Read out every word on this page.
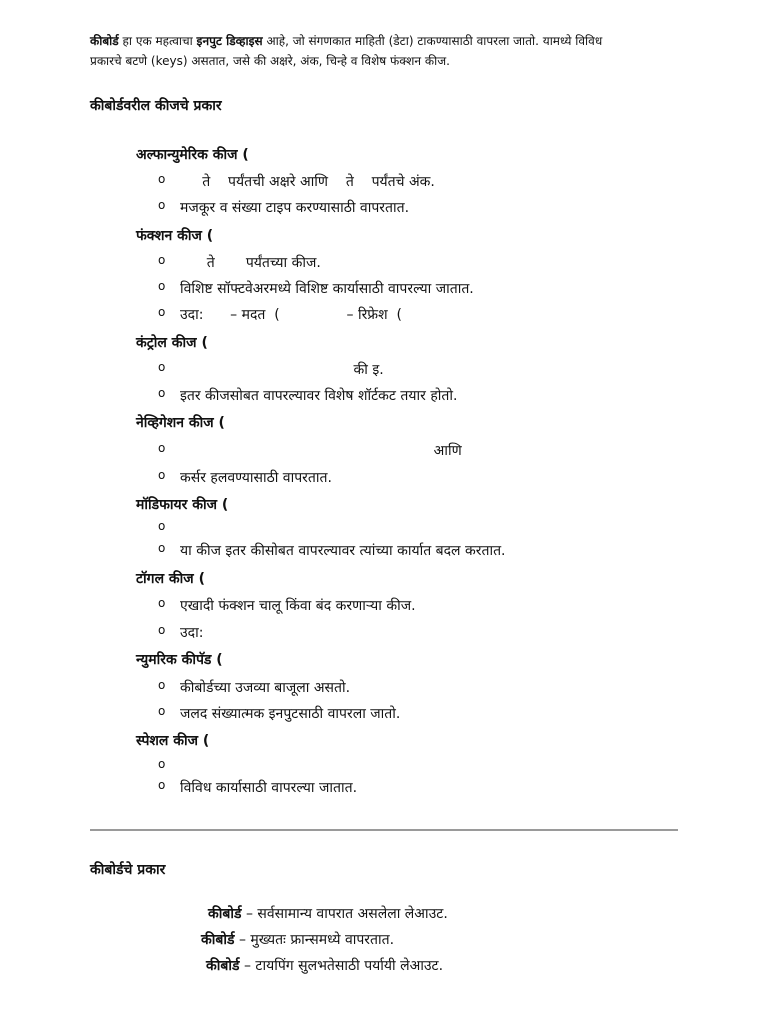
कीबोर्ड हा एक महत्वाचा इनपुट डिव्हाइस आहे, जो संगणकात माहिती (डेटा) टाकण्यासाठी वापरला जातो. यामध्ये विविध
प्रकारचे बटणे (keys) असतात, जसे की अक्षरे, अंक, चिन्हे व विशेष फंक्शन कीज.
कीबोर्डवरील कीजचे प्रकार
अल्फान्युमेरिक कीज (
o ते    पर्यंतची अक्षरे आणि    ते    पर्यंतचे अंक.
o मजकूर व संख्या टाइप करण्यासाठी वापरतात.
फंक्शन कीज (
o ते       पर्यंतच्या कीज.
o विशिष्ट सॉफ्टवेअरमध्ये विशिष्ट कार्यासाठी वापरल्या जातात.
o उदा:      – मदत  (               – रिफ्रेश  (
कंट्रोल कीज (
o की इ.
o इतर कीजसोबत वापरल्यावर विशेष शॉर्टकट तयार होतो.
नेव्हिगेशन कीज (
o आणि
o कर्सर हलवण्यासाठी वापरतात.
मॉडिफायर कीज (
o
o या कीज इतर कीसोबत वापरल्यावर त्यांच्या कार्यात बदल करतात.
टॉगल कीज (
o एखादी फंक्शन चालू किंवा बंद करणाऱ्या कीज.
o उदा:
न्युमरिक कीपॅड (
o कीबोर्डच्या उजव्या बाजूला असतो.
o जलद संख्यात्मक इनपुटसाठी वापरला जातो.
स्पेशल कीज (
o
o विविध कार्यासाठी वापरल्या जातात.
कीबोर्डचे प्रकार
कीबोर्ड – सर्वसामान्य वापरात असलेला लेआउट.
कीबोर्ड – मुख्यतः फ्रान्समध्ये वापरतात.
कीबोर्ड – टायपिंग सुलभतेसाठी पर्यायी लेआउट.
